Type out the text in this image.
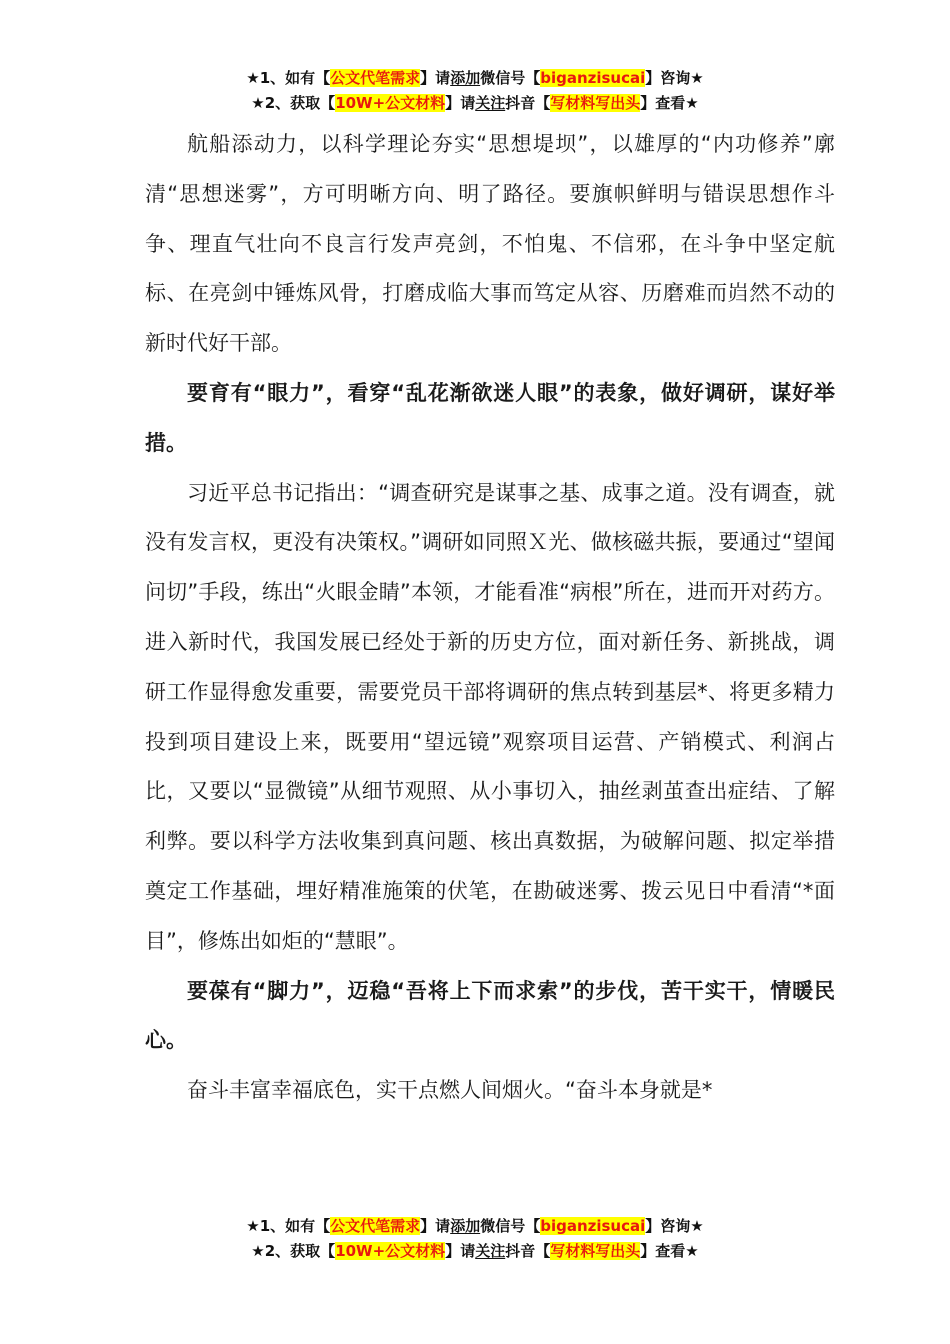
★1、如有【公文代笔需求】请添加微信号【biganzisucai】咨询★
★2、获取【10W+公文材料】请关注抖音【写材料写出头】查看★

航船添动力，以科学理论夯实“思想堤坝”，以雄厚的“内功修养”廓清“思想迷雾”，方可明晰方向、明了路径。要旗帜鲜明与错误思想作斗争、理直气壮向不良言行发声亮剑，不怕鬼、不信邪，在斗争中坚定航标、在亮剑中锤炼风骨，打磨成临大事而笃定从容、历磨难而岿然不动的新时代好干部。

要育有“眼力”，看穿“乱花渐欲迷人眼”的表象，做好调研，谋好举措。

习近平总书记指出：“调查研究是谋事之基、成事之道。没有调查，就没有发言权，更没有决策权。”调研如同照Ｘ光、做核磁共振，要通过“望闻问切”手段，练出“火眼金睛”本领，才能看准“病根”所在，进而开对药方。进入新时代，我国发展已经处于新的历史方位，面对新任务、新挑战，调研工作显得愈发重要，需要党员干部将调研的焦点转到基层*、将更多精力投到项目建设上来，既要用“望远镜”观察项目运营、产销模式、利润占比，又要以“显微镜”从细节观照、从小事切入，抽丝剥茧查出症结、了解利弊。要以科学方法收集到真问题、核出真数据，为破解问题、拟定举措奠定工作基础，埋好精准施策的伏笔，在勘破迷雾、拨云见日中看清“*面目”，修炼出如炬的“慧眼”。

要葆有“脚力”，迈稳“吾将上下而求索”的步伐，苦干实干，情暖民心。

奋斗丰富幸福底色，实干点燃人间烟火。“奋斗本身就是*

★1、如有【公文代笔需求】请添加微信号【biganzisucai】咨询★
★2、获取【10W+公文材料】请关注抖音【写材料写出头】查看★
